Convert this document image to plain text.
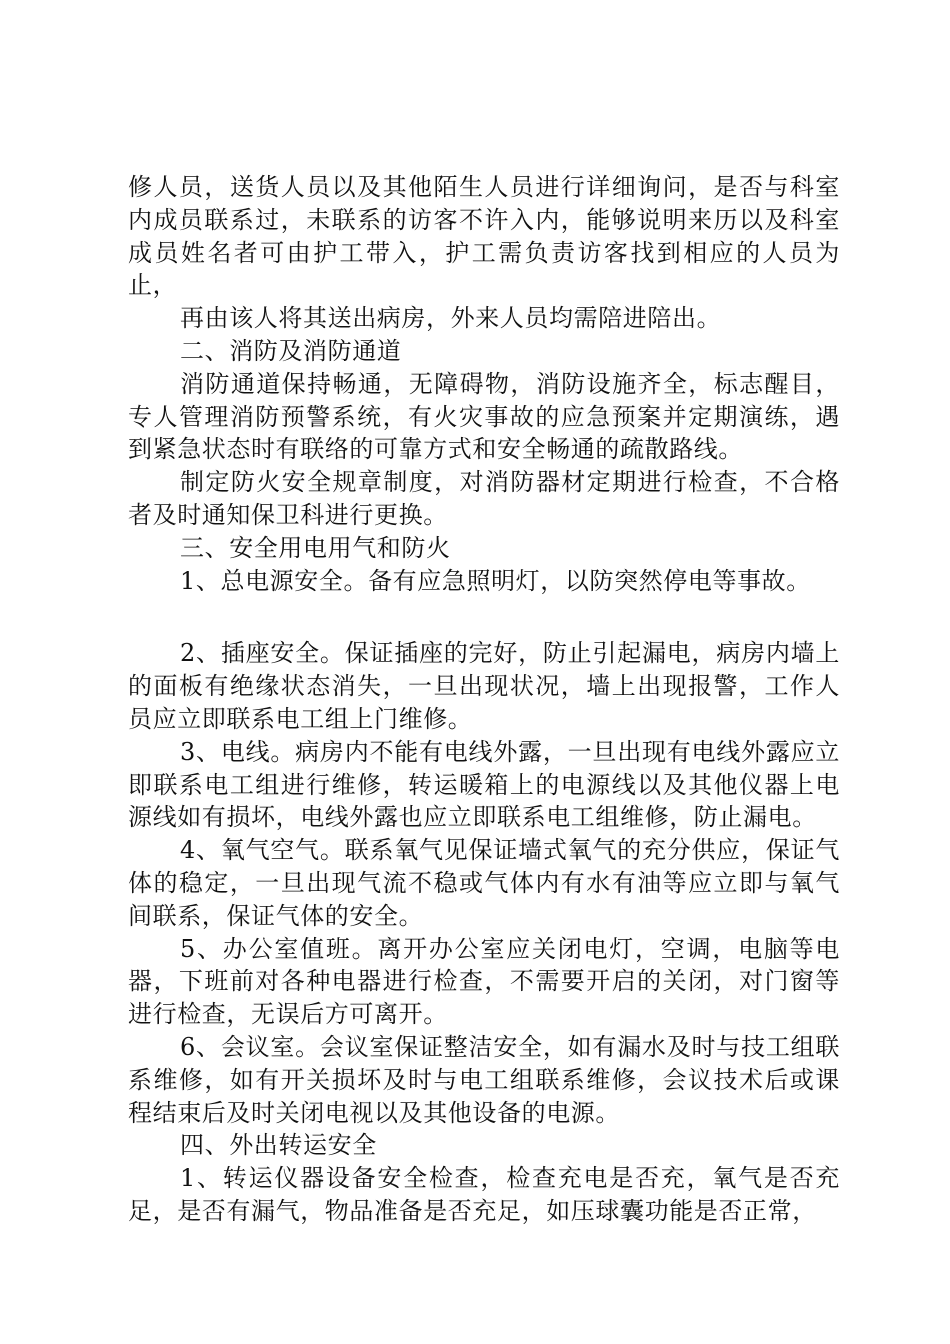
修人员，送货人员以及其他陌生人员进行详细询问，是否与科室内成员联系过，未联系的访客不许入内，能够说明来历以及科室成员姓名者可由护工带入，护工需负责访客找到相应的人员为止，

再由该人将其送出病房，外来人员均需陪进陪出。

二、消防及消防通道

消防通道保持畅通，无障碍物，消防设施齐全，标志醒目，专人管理消防预警系统，有火灾事故的应急预案并定期演练，遇到紧急状态时有联络的可靠方式和安全畅通的疏散路线。

制定防火安全规章制度，对消防器材定期进行检查，不合格者及时通知保卫科进行更换。

三、安全用电用气和防火

1、总电源安全。备有应急照明灯，以防突然停电等事故。

2、插座安全。保证插座的完好，防止引起漏电，病房内墙上的面板有绝缘状态消失，一旦出现状况，墙上出现报警，工作人员应立即联系电工组上门维修。

3、电线。病房内不能有电线外露，一旦出现有电线外露应立即联系电工组进行维修，转运暖箱上的电源线以及其他仪器上电源线如有损坏，电线外露也应立即联系电工组维修，防止漏电。

4、氧气空气。联系氧气见保证墙式氧气的充分供应，保证气体的稳定，一旦出现气流不稳或气体内有水有油等应立即与氧气间联系，保证气体的安全。

5、办公室值班。离开办公室应关闭电灯，空调，电脑等电器，下班前对各种电器进行检查，不需要开启的关闭，对门窗等进行检查，无误后方可离开。

6、会议室。会议室保证整洁安全，如有漏水及时与技工组联系维修，如有开关损坏及时与电工组联系维修，会议技术后或课程结束后及时关闭电视以及其他设备的电源。

四、外出转运安全

1、转运仪器设备安全检查，检查充电是否充，氧气是否充足，是否有漏气，物品准备是否充足，如压球囊功能是否正常，
